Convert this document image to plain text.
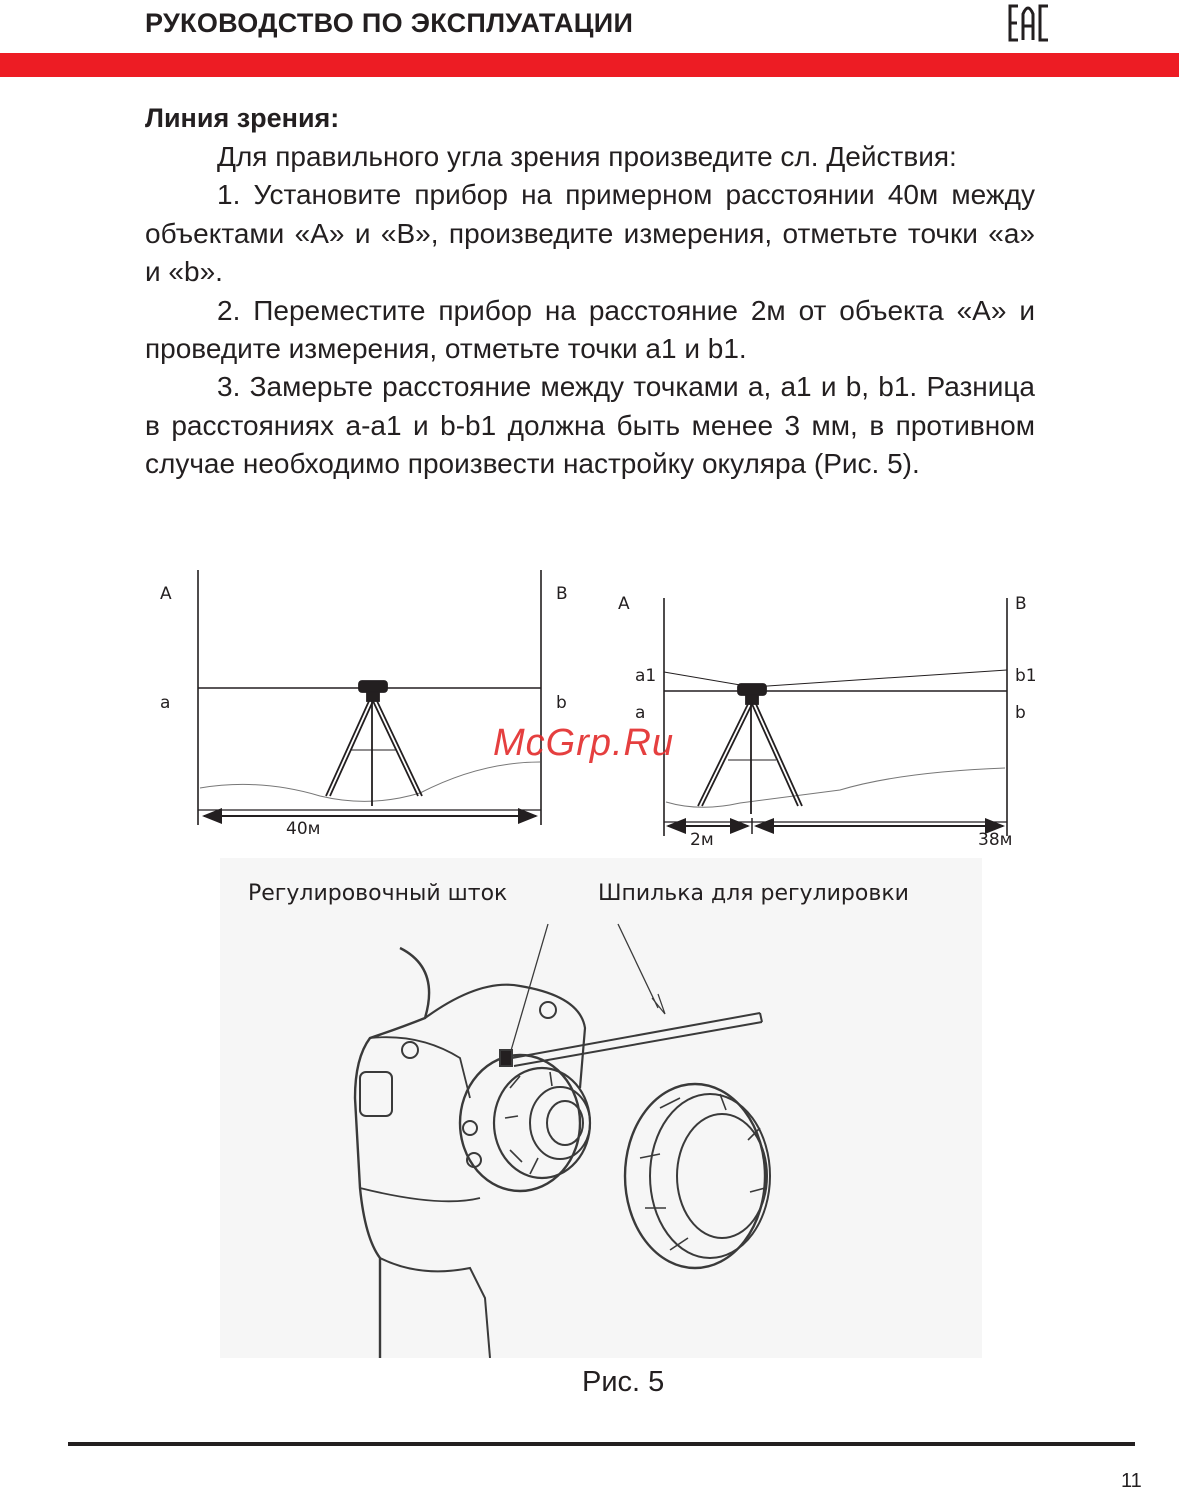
РУКОВОДСТВО ПО ЭКСПЛУАТАЦИИ
Линия зрения:

Для правильного угла зрения произведите сл. Действия:

1. Установите прибор на примерном расстоянии 40м между объектами «А» и «В», произведите измерения, отметьте точки «a» и «b».

2. Переместите прибор на расстояние 2м от объекта «А» и проведите измерения, отметьте точки a1 и b1.

3. Замерьте расстояние между точками a, a1 и b, b1. Разница в расстояниях a-a1 и b-b1 должна быть менее 3 мм, в противном случае необходимо произвести настройку окуляра (Рис. 5).

A	B
a	b
40м
A	B
a1
a
b1
b
2м	38м
Регулировочный шток	Шпилька для регулировки
McGrp.Ru
Рис. 5
11
